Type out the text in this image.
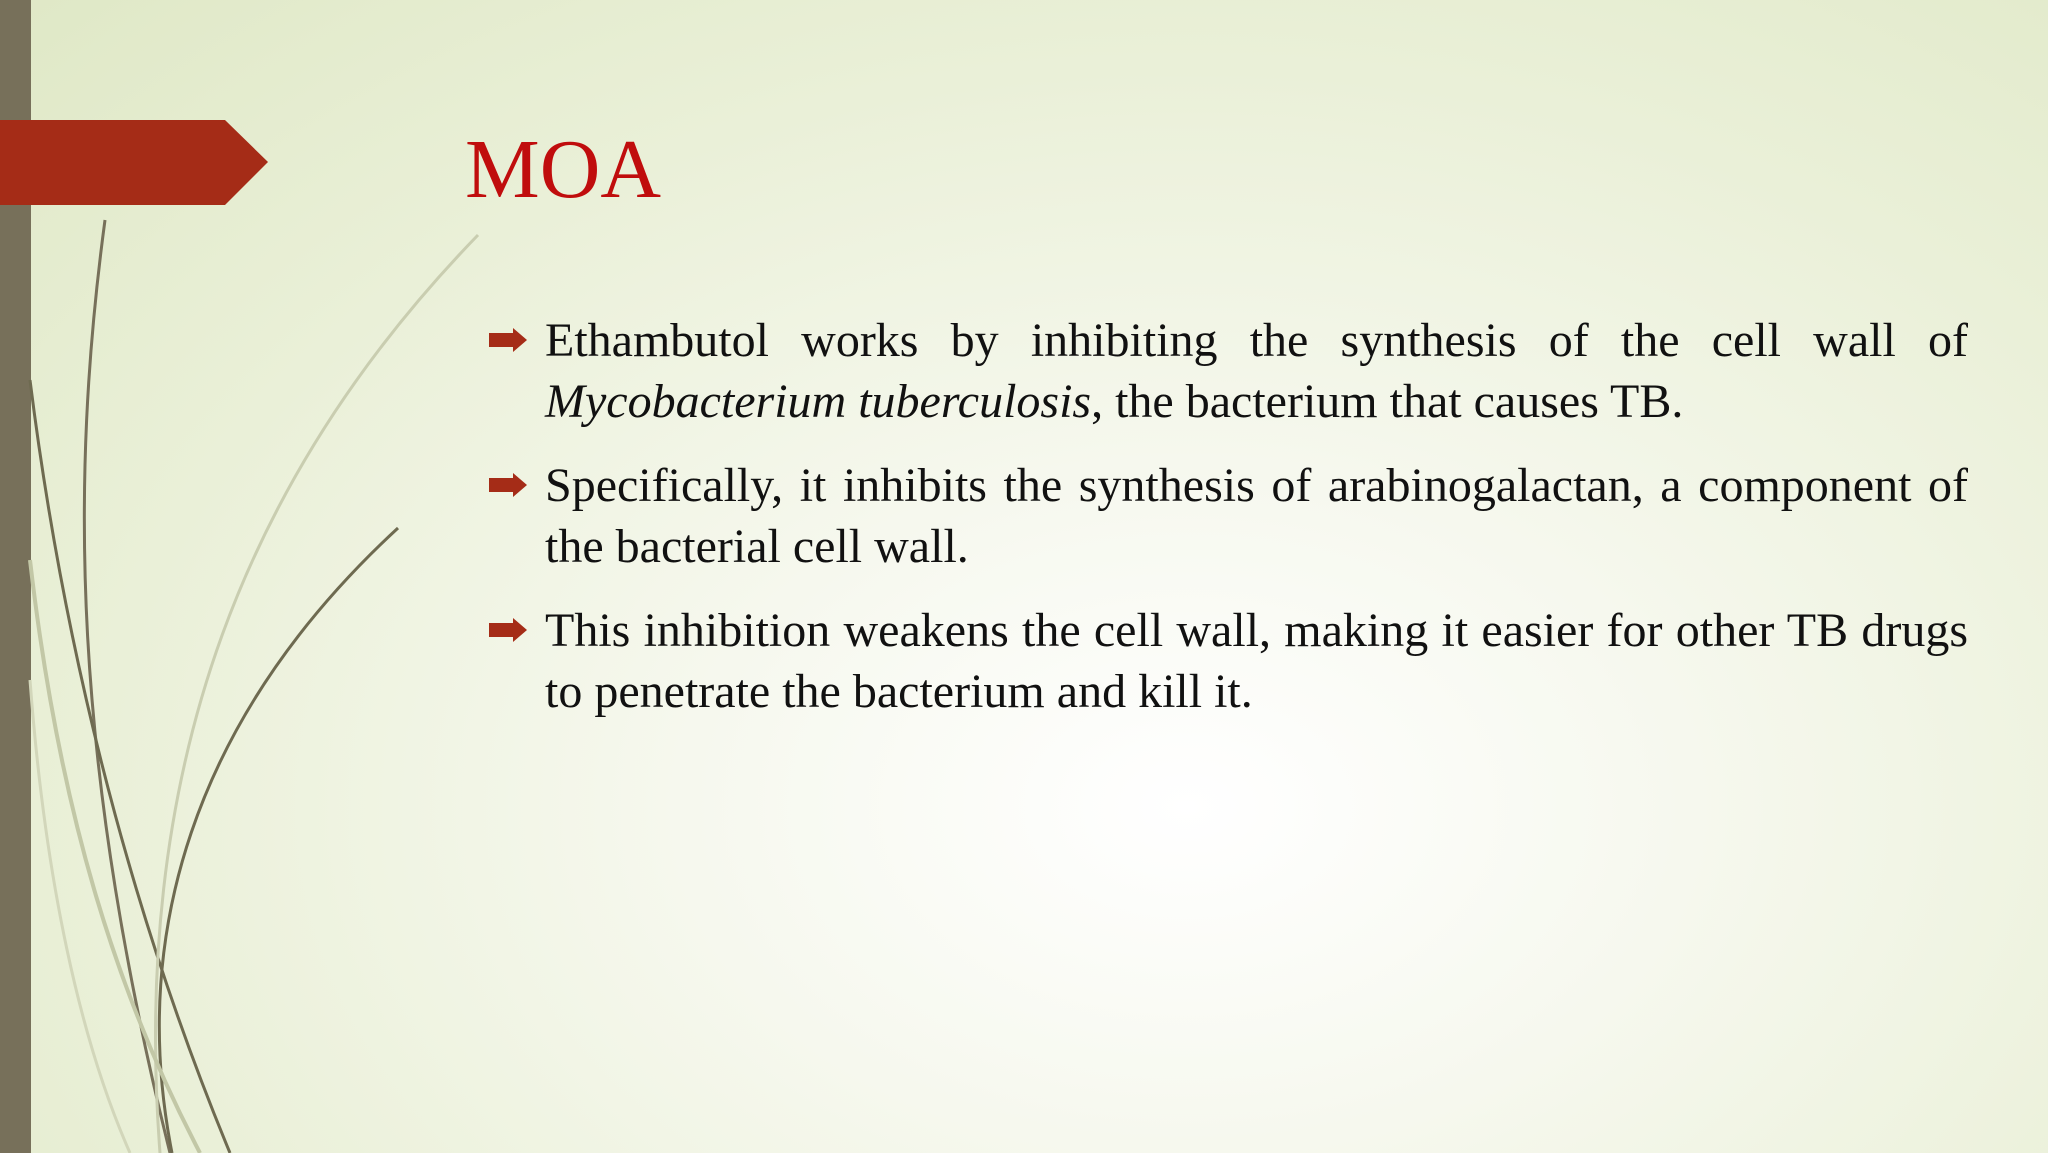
MOA
Ethambutol works by inhibiting the synthesis of the cell wall of Mycobacterium tuberculosis, the bacterium that causes TB.
Specifically, it inhibits the synthesis of arabinogalactan, a component of the bacterial cell wall.
This inhibition weakens the cell wall, making it easier for other TB drugs to penetrate the bacterium and kill it.
